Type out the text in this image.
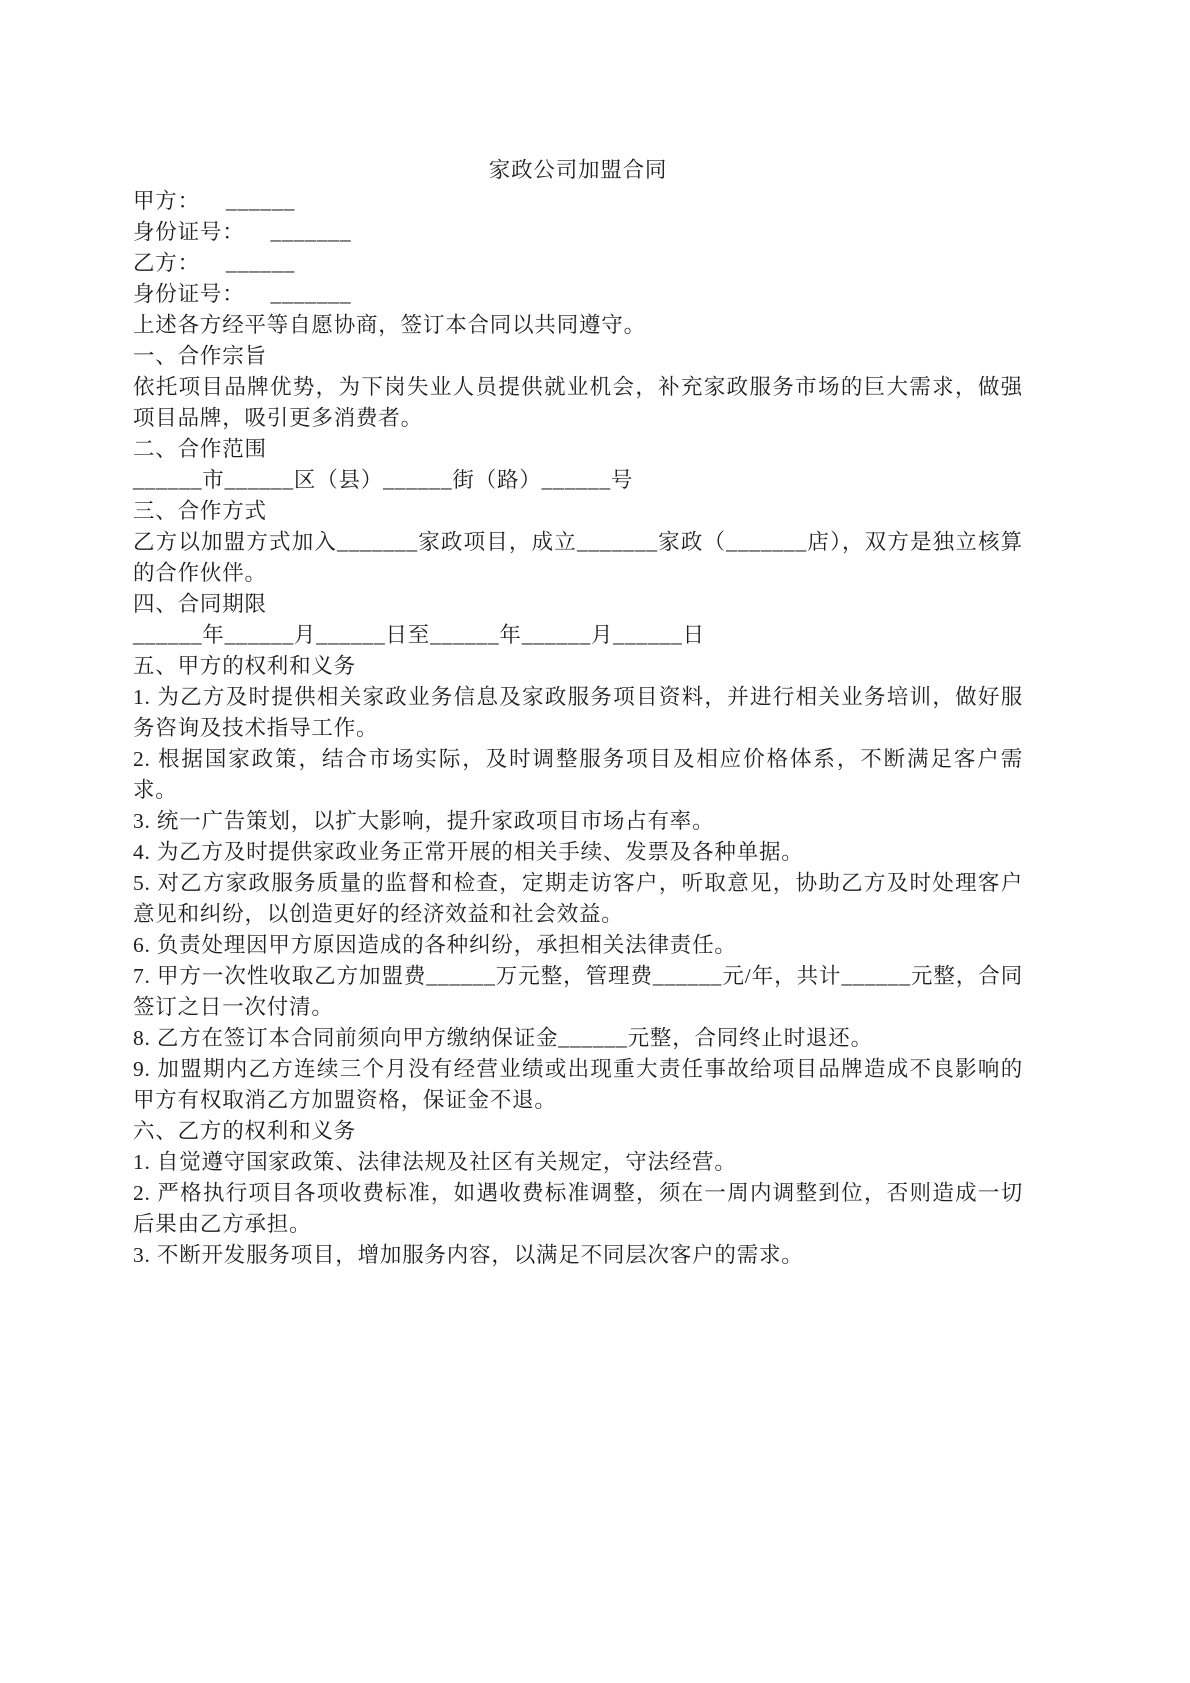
家政公司加盟合同

甲方： ______

身份证号： _______

乙方： ______

身份证号： _______

上述各方经平等自愿协商，签订本合同以共同遵守。

一、合作宗旨

依托项目品牌优势，为下岗失业人员提供就业机会，补充家政服务市场的巨大需求，做强项目品牌，吸引更多消费者。

二、合作范围

______市______区（县）______街（路）______号

三、合作方式

乙方以加盟方式加入_______家政项目，成立_______家政（_______店），双方是独立核算的合作伙伴。

四、合同期限

______年______月______日至______年______月______日

五、甲方的权利和义务

1. 为乙方及时提供相关家政业务信息及家政服务项目资料，并进行相关业务培训，做好服务咨询及技术指导工作。

2. 根据国家政策，结合市场实际，及时调整服务项目及相应价格体系，不断满足客户需求。

3. 统一广告策划，以扩大影响，提升家政项目市场占有率。

4. 为乙方及时提供家政业务正常开展的相关手续、发票及各种单据。

5. 对乙方家政服务质量的监督和检查，定期走访客户，听取意见，协助乙方及时处理客户意见和纠纷，以创造更好的经济效益和社会效益。

6. 负责处理因甲方原因造成的各种纠纷，承担相关法律责任。

7. 甲方一次性收取乙方加盟费______万元整，管理费______元/年，共计______元整，合同签订之日一次付清。

8. 乙方在签订本合同前须向甲方缴纳保证金______元整，合同终止时退还。

9. 加盟期内乙方连续三个月没有经营业绩或出现重大责任事故给项目品牌造成不良影响的甲方有权取消乙方加盟资格，保证金不退。

六、乙方的权利和义务

1. 自觉遵守国家政策、法律法规及社区有关规定，守法经营。

2. 严格执行项目各项收费标准，如遇收费标准调整，须在一周内调整到位，否则造成一切后果由乙方承担。

3. 不断开发服务项目，增加服务内容，以满足不同层次客户的需求。
